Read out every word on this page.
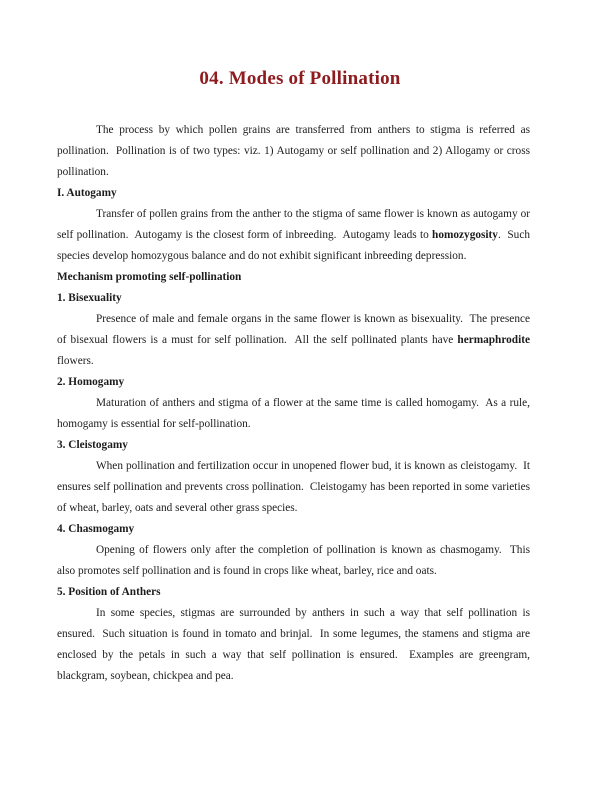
04. Modes of Pollination

The process by which pollen grains are transferred from anthers to stigma is referred as pollination.  Pollination is of two types: viz. 1) Autogamy or self pollination and 2) Allogamy or cross pollination.

I. Autogamy

Transfer of pollen grains from the anther to the stigma of same flower is known as autogamy or self pollination.  Autogamy is the closest form of inbreeding.  Autogamy leads to homozygosity.  Such species develop homozygous balance and do not exhibit significant inbreeding depression.

Mechanism promoting self-pollination

1. Bisexuality

Presence of male and female organs in the same flower is known as bisexuality.  The presence of bisexual flowers is a must for self pollination.  All the self pollinated plants have hermaphrodite flowers.

2. Homogamy

Maturation of anthers and stigma of a flower at the same time is called homogamy.  As a rule, homogamy is essential for self-pollination.

3. Cleistogamy

When pollination and fertilization occur in unopened flower bud, it is known as cleistogamy.  It ensures self pollination and prevents cross pollination.  Cleistogamy has been reported in some varieties of wheat, barley, oats and several other grass species.

4. Chasmogamy

Opening of flowers only after the completion of pollination is known as chasmogamy.  This also promotes self pollination and is found in crops like wheat, barley, rice and oats.

5. Position of Anthers

In some species, stigmas are surrounded by anthers in such a way that self pollination is ensured.  Such situation is found in tomato and brinjal.  In some legumes, the stamens and stigma are enclosed by the petals in such a way that self pollination is ensured.  Examples are greengram, blackgram, soybean, chickpea and pea.
